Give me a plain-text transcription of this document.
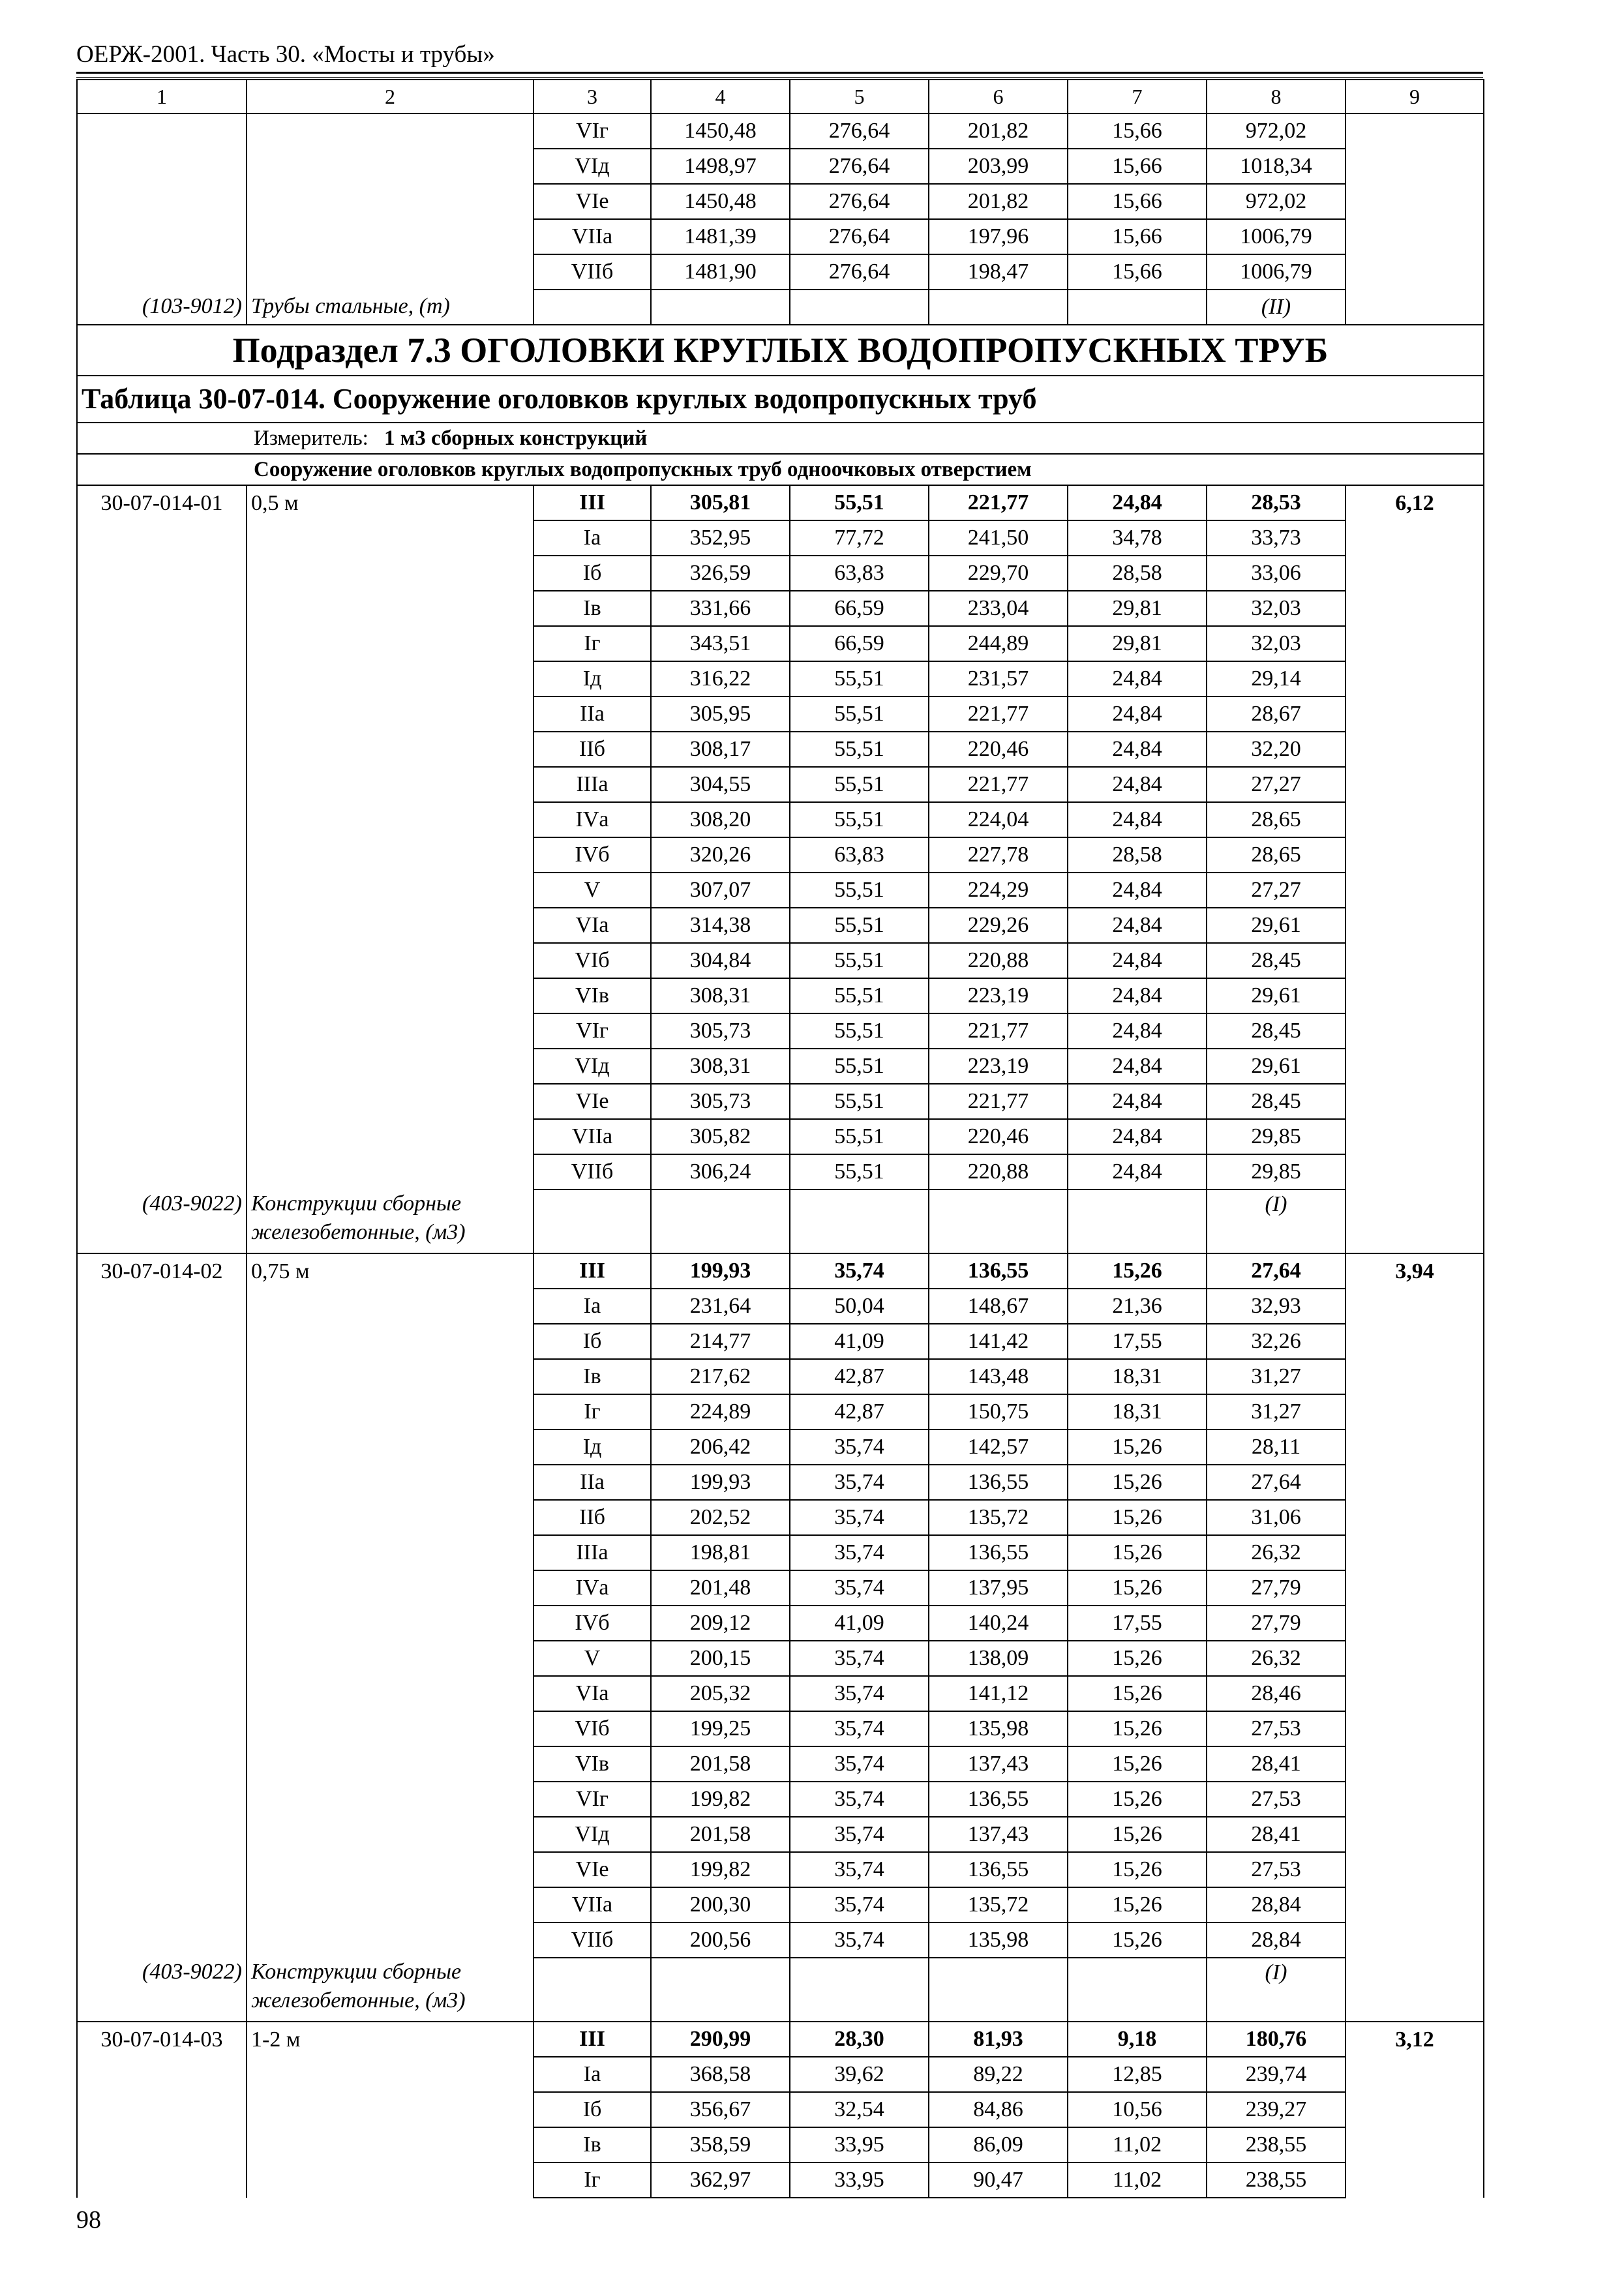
ОЕРЖ-2001. Часть 30. «Мосты и трубы»
1	2	3	4	5	6	7	8	9
		VIг	1450,48	276,64	201,82	15,66	972,02	
		VIд	1498,97	276,64	203,99	15,66	1018,34	
		VIе	1450,48	276,64	201,82	15,66	972,02	
		VIIа	1481,39	276,64	197,96	15,66	1006,79	
		VIIб	1481,90	276,64	198,47	15,66	1006,79	
(103-9012)	Трубы стальные, (т)						(II)	
Подраздел 7.3 ОГОЛОВКИ КРУГЛЫХ ВОДОПРОПУСКНЫХ ТРУБ								
Таблица 30-07-014. Сооружение оголовков круглых водопропускных труб								
Измеритель: 1 м3 сборных конструкций								
Сооружение оголовков круглых водопропускных труб одноочковых отверстием								
30-07-014-01	0,5 м	III	305,81	55,51	221,77	24,84	28,53	6,12
		Iа	352,95	77,72	241,50	34,78	33,73	
		Iб	326,59	63,83	229,70	28,58	33,06	
		Iв	331,66	66,59	233,04	29,81	32,03	
		Iг	343,51	66,59	244,89	29,81	32,03	
		Iд	316,22	55,51	231,57	24,84	29,14	
		IIа	305,95	55,51	221,77	24,84	28,67	
		IIб	308,17	55,51	220,46	24,84	32,20	
		IIIа	304,55	55,51	221,77	24,84	27,27	
		IVа	308,20	55,51	224,04	24,84	28,65	
		IVб	320,26	63,83	227,78	28,58	28,65	
		V	307,07	55,51	224,29	24,84	27,27	
		VIа	314,38	55,51	229,26	24,84	29,61	
		VIб	304,84	55,51	220,88	24,84	28,45	
		VIв	308,31	55,51	223,19	24,84	29,61	
		VIг	305,73	55,51	221,77	24,84	28,45	
		VIд	308,31	55,51	223,19	24,84	29,61	
		VIе	305,73	55,51	221,77	24,84	28,45	
		VIIа	305,82	55,51	220,46	24,84	29,85	
		VIIб	306,24	55,51	220,88	24,84	29,85	
(403-9022)	Конструкции сборные
железобетонные, (м3)						(I)	
30-07-014-02	0,75 м	III	199,93	35,74	136,55	15,26	27,64	3,94
		Iа	231,64	50,04	148,67	21,36	32,93	
		Iб	214,77	41,09	141,42	17,55	32,26	
		Iв	217,62	42,87	143,48	18,31	31,27	
		Iг	224,89	42,87	150,75	18,31	31,27	
		Iд	206,42	35,74	142,57	15,26	28,11	
		IIа	199,93	35,74	136,55	15,26	27,64	
		IIб	202,52	35,74	135,72	15,26	31,06	
		IIIа	198,81	35,74	136,55	15,26	26,32	
		IVа	201,48	35,74	137,95	15,26	27,79	
		IVб	209,12	41,09	140,24	17,55	27,79	
		V	200,15	35,74	138,09	15,26	26,32	
		VIа	205,32	35,74	141,12	15,26	28,46	
		VIб	199,25	35,74	135,98	15,26	27,53	
		VIв	201,58	35,74	137,43	15,26	28,41	
		VIг	199,82	35,74	136,55	15,26	27,53	
		VIд	201,58	35,74	137,43	15,26	28,41	
		VIе	199,82	35,74	136,55	15,26	27,53	
		VIIа	200,30	35,74	135,72	15,26	28,84	
		VIIб	200,56	35,74	135,98	15,26	28,84	
(403-9022)	Конструкции сборные
железобетонные, (м3)						(I)	
30-07-014-03	1-2 м	III	290,99	28,30	81,93	9,18	180,76	3,12
		Iа	368,58	39,62	89,22	12,85	239,74	
		Iб	356,67	32,54	84,86	10,56	239,27	
		Iв	358,59	33,95	86,09	11,02	238,55	
		Iг	362,97	33,95	90,47	11,02	238,55	
98
